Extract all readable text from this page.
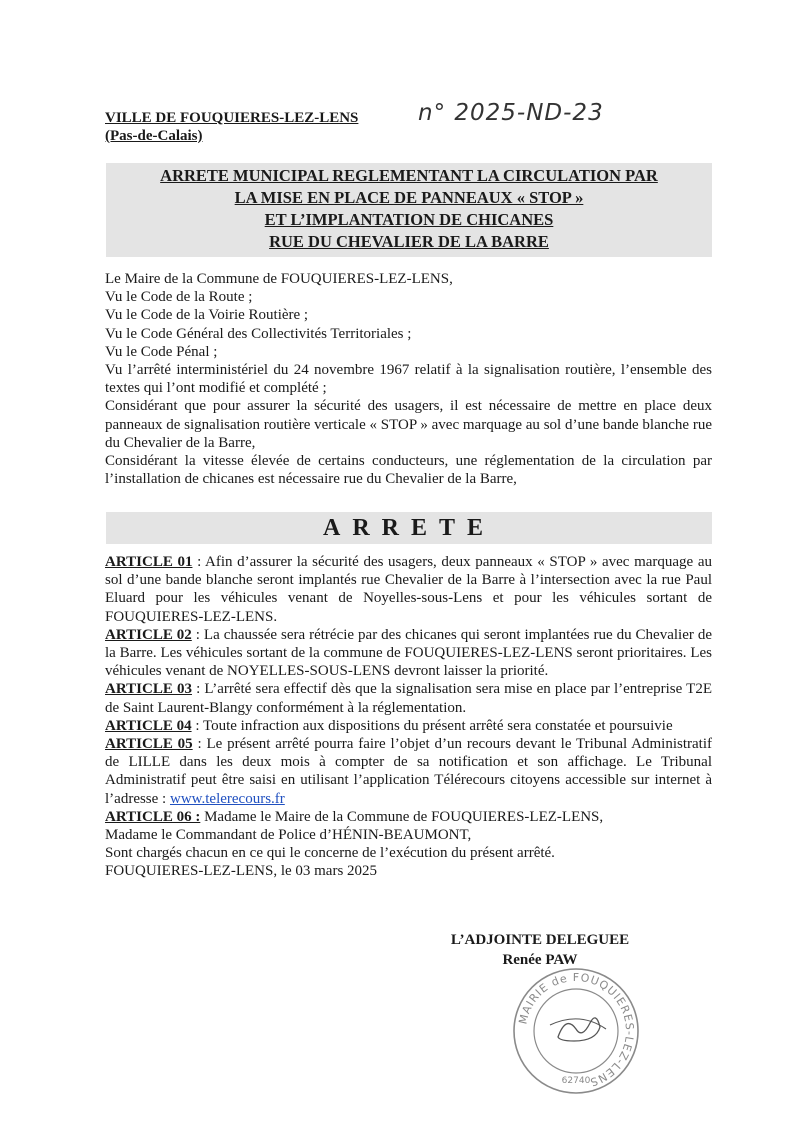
VILLE DE FOUQUIERES-LEZ-LENS
(Pas-de-Calais)
n° 2025-ND-23
ARRETE MUNICIPAL REGLEMENTANT LA CIRCULATION PAR
LA MISE EN PLACE DE PANNEAUX « STOP »
ET L’IMPLANTATION DE CHICANES
RUE DU CHEVALIER DE LA BARRE

Le Maire de la Commune de FOUQUIERES-LEZ-LENS,

Vu le Code de la Route ;

Vu le Code de la Voirie Routière ;

Vu le Code Général des Collectivités Territoriales ;

Vu le Code Pénal ;

Vu l’arrêté interministériel du 24 novembre 1967 relatif à la signalisation routière, l’ensemble des textes qui l’ont modifié et complété ;

Considérant que pour assurer la sécurité des usagers, il est nécessaire de mettre en place deux panneaux de signalisation routière verticale « STOP » avec marquage au sol d’une bande blanche rue du Chevalier de la Barre,

Considérant la vitesse élevée de certains conducteurs, une réglementation de la circulation par l’installation de chicanes est nécessaire rue du Chevalier de la Barre,

ARRETE

ARTICLE 01 : Afin d’assurer la sécurité des usagers, deux panneaux « STOP » avec marquage au sol d’une bande blanche seront implantés rue Chevalier de la Barre à l’intersection avec la rue Paul Eluard pour les véhicules venant de Noyelles-sous-Lens et pour les véhicules sortant de FOUQUIERES-LEZ-LENS.

ARTICLE 02 : La chaussée sera rétrécie par des chicanes qui seront implantées rue du Chevalier de la Barre. Les véhicules sortant de la commune de FOUQUIERES-LEZ-LENS seront prioritaires. Les véhicules venant de NOYELLES-SOUS-LENS devront laisser la priorité.

ARTICLE 03 : L’arrêté sera effectif dès que la signalisation sera mise en place par l’entreprise T2E de Saint Laurent-Blangy conformément à la réglementation.

ARTICLE 04 : Toute infraction aux dispositions du présent arrêté sera constatée et poursuivie

ARTICLE 05 : Le présent arrêté pourra faire l’objet d’un recours devant le Tribunal Administratif de LILLE dans les deux mois à compter de sa notification et son affichage. Le Tribunal Administratif peut être saisi en utilisant l’application Télérecours citoyens accessible sur internet à l’adresse : www.telerecours.fr

ARTICLE 06 : Madame le Maire de la Commune de FOUQUIERES-LEZ-LENS,

Madame le Commandant de Police d’HÉNIN-BEAUMONT,

Sont chargés chacun en ce qui le concerne de l’exécution du présent arrêté.

FOUQUIERES-LEZ-LENS, le 03 mars 2025

L’ADJOINTE DELEGUEE
Renée PAW
MAIRIE de FOUQUIERES-LEZ-LENS
62740
